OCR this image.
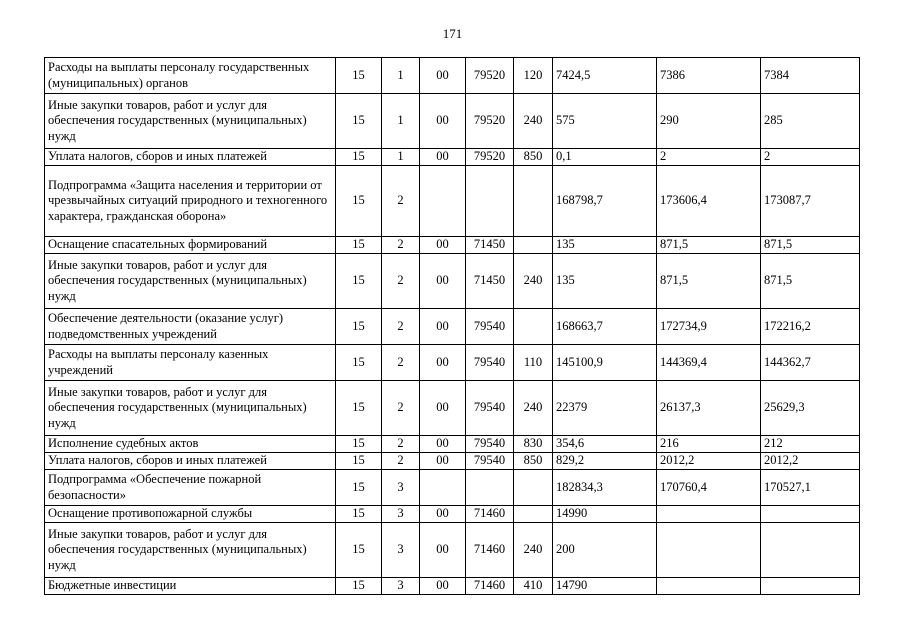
171
Расходы на выплаты персоналу государственных (муниципальных) органов	15	1	00	79520	120	7424,5	7386	7384
Иные закупки товаров, работ и услуг для обеспечения государственных (муниципальных) нужд	15	1	00	79520	240	575	290	285
Уплата налогов, сборов и иных платежей	15	1	00	79520	850	0,1	2	2
Подпрограмма «Защита населения и территории от чрезвычайных ситуаций природного и техногенного характера, гражданская оборона»	15	2				168798,7	173606,4	173087,7
Оснащение спасательных формирований	15	2	00	71450		135	871,5	871,5
Иные закупки товаров, работ и услуг для обеспечения государственных (муниципальных) нужд	15	2	00	71450	240	135	871,5	871,5
Обеспечение деятельности (оказание услуг) подведомственных учреждений	15	2	00	79540		168663,7	172734,9	172216,2
Расходы на выплаты персоналу казенных учреждений	15	2	00	79540	110	145100,9	144369,4	144362,7
Иные закупки товаров, работ и услуг для обеспечения государственных (муниципальных) нужд	15	2	00	79540	240	22379	26137,3	25629,3
Исполнение судебных актов	15	2	00	79540	830	354,6	216	212
Уплата налогов, сборов и иных платежей	15	2	00	79540	850	829,2	2012,2	2012,2
Подпрограмма «Обеспечение пожарной безопасности»	15	3				182834,3	170760,4	170527,1
Оснащение противопожарной службы	15	3	00	71460		14990		
Иные закупки товаров, работ и услуг для обеспечения государственных (муниципальных) нужд	15	3	00	71460	240	200		
Бюджетные инвестиции	15	3	00	71460	410	14790		
